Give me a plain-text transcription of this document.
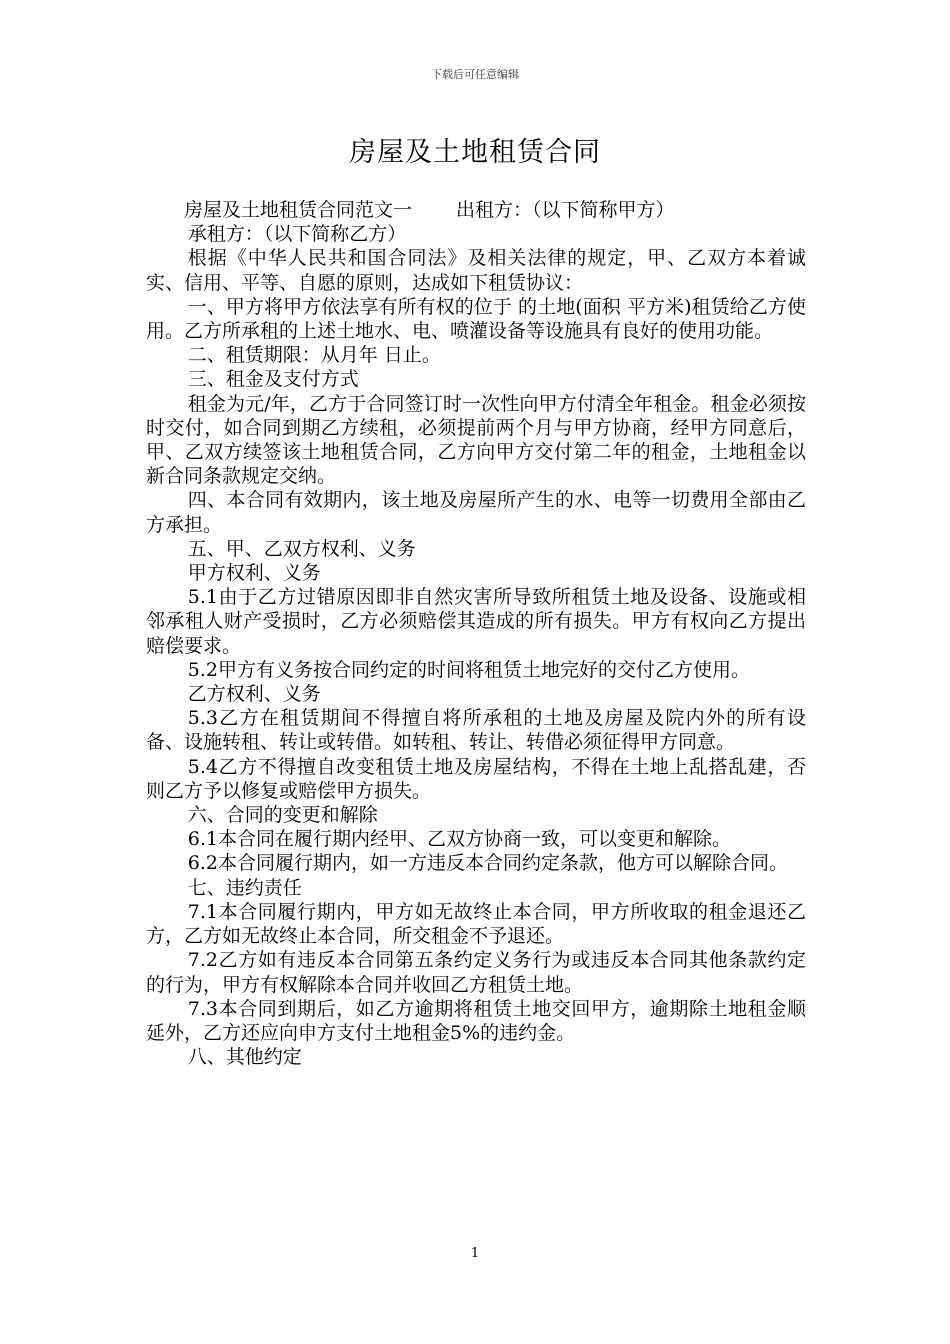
下载后可任意编辑
房屋及土地租赁合同

房屋及土地租赁合同范文一 出租方：（以下简称甲方）

承租方：（以下简称乙方）

根据《中华人民共和国合同法》及相关法律的规定，甲、乙双方本着诚实、信用、平等、自愿的原则，达成如下租赁协议：

一、甲方将甲方依法享有所有权的位于 的土地(面积 平方米)租赁给乙方使用。乙方所承租的上述土地水、电、喷灌设备等设施具有良好的使用功能。

二、租赁期限：从月年 日止。

三、租金及支付方式

租金为元/年，乙方于合同签订时一次性向甲方付清全年租金。租金必须按时交付，如合同到期乙方续租，必须提前两个月与甲方协商，经甲方同意后，甲、乙双方续签该土地租赁合同，乙方向甲方交付第二年的租金，土地租金以新合同条款规定交纳。

四、本合同有效期内，该土地及房屋所产生的水、电等一切费用全部由乙方承担。

五、甲、乙双方权利、义务

甲方权利、义务

5.1由于乙方过错原因即非自然灾害所导致所租赁土地及设备、设施或相邻承租人财产受损时，乙方必须赔偿其造成的所有损失。甲方有权向乙方提出赔偿要求。

5.2甲方有义务按合同约定的时间将租赁土地完好的交付乙方使用。

乙方权利、义务

5.3乙方在租赁期间不得擅自将所承租的土地及房屋及院内外的所有设备、设施转租、转让或转借。如转租、转让、转借必须征得甲方同意。

5.4乙方不得擅自改变租赁土地及房屋结构，不得在土地上乱搭乱建，否则乙方予以修复或赔偿甲方损失。

六、合同的变更和解除

6.1本合同在履行期内经甲、乙双方协商一致，可以变更和解除。

6.2本合同履行期内，如一方违反本合同约定条款，他方可以解除合同。

七、违约责任

7.1本合同履行期内，甲方如无故终止本合同，甲方所收取的租金退还乙方，乙方如无故终止本合同，所交租金不予退还。

7.2乙方如有违反本合同第五条约定义务行为或违反本合同其他条款约定的行为，甲方有权解除本合同并收回乙方租赁土地。

7.3本合同到期后，如乙方逾期将租赁土地交回甲方，逾期除土地租金顺延外，乙方还应向申方支付土地租金5%的违约金。

八、其他约定

1
